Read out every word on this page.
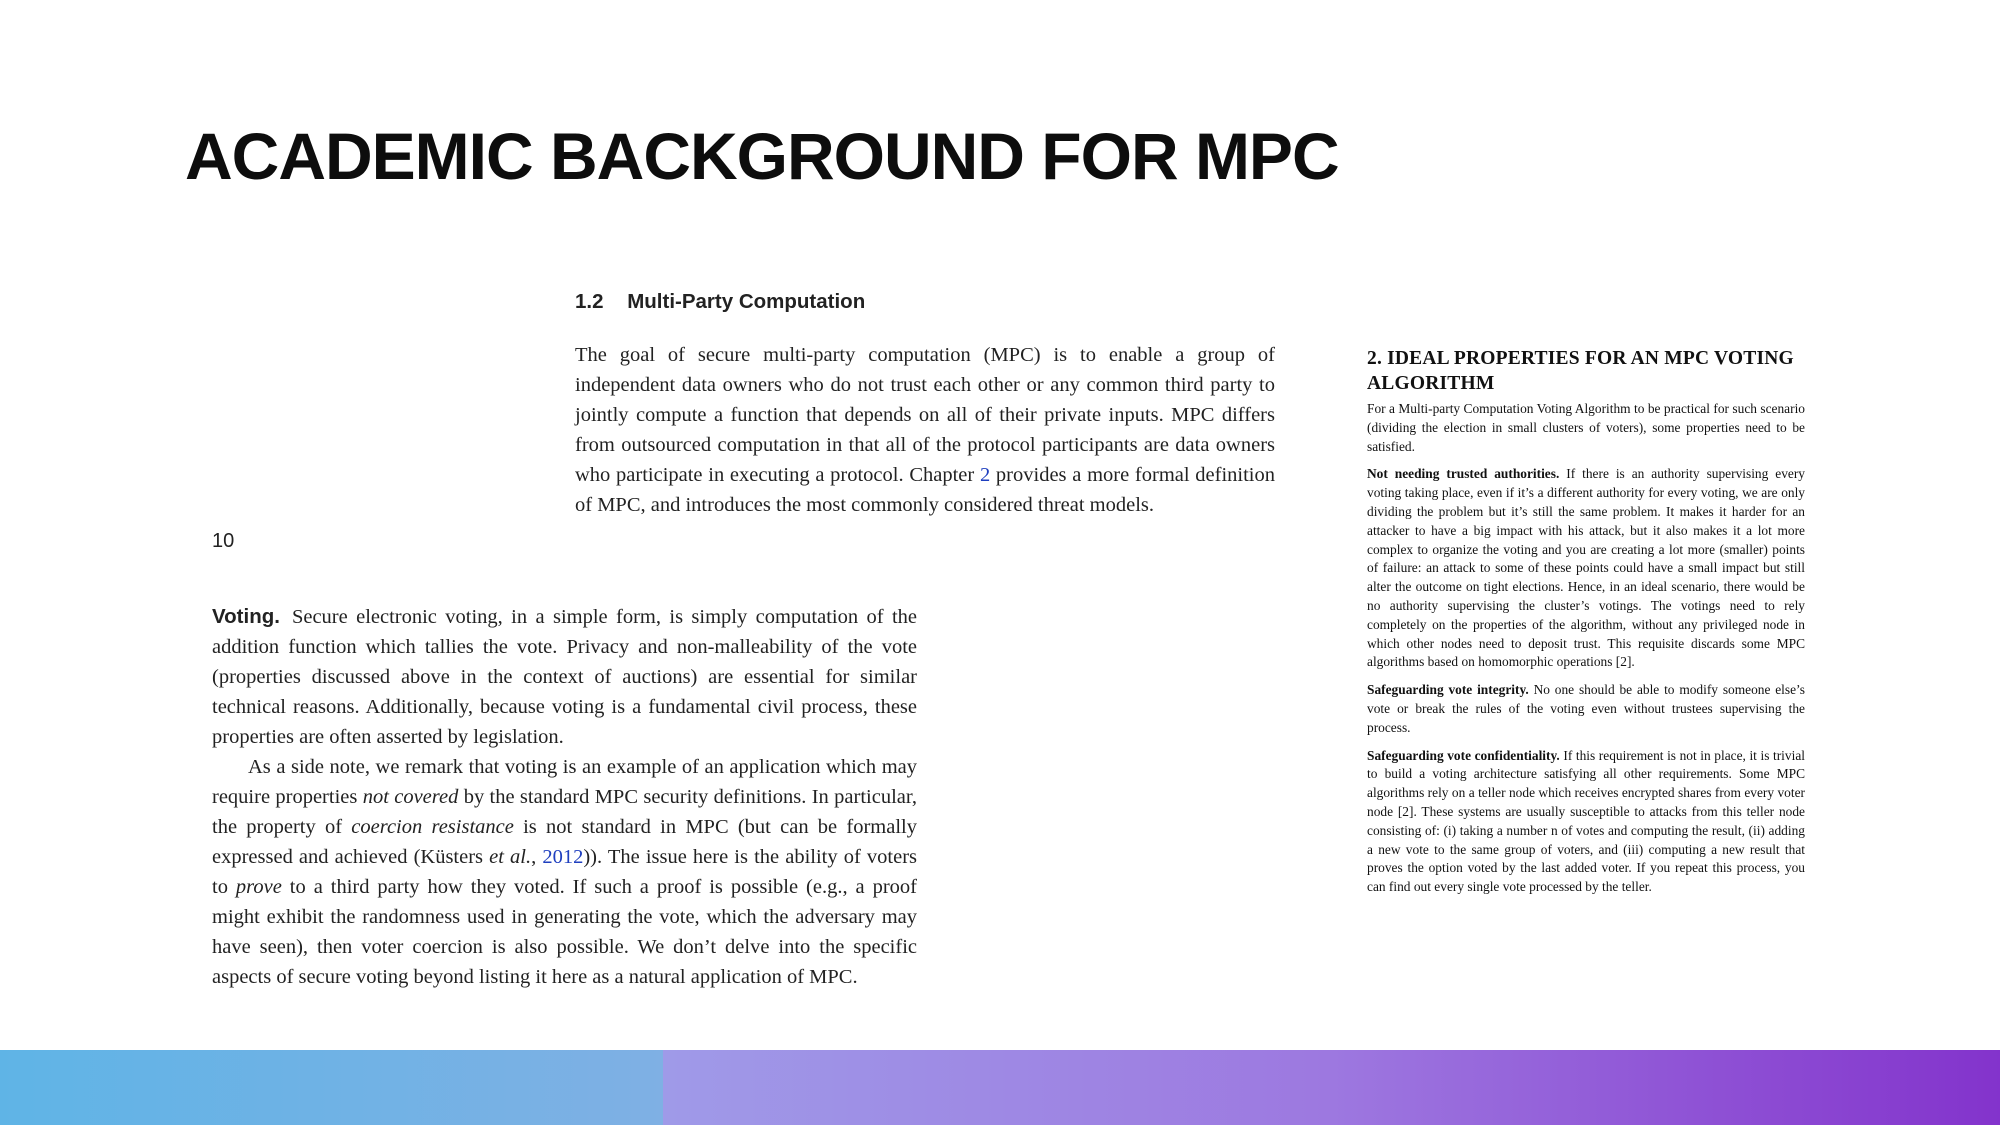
ACADEMIC BACKGROUND FOR MPC
1.2 Multi-Party Computation

The goal of secure multi-party computation (MPC) is to enable a group of independent data owners who do not trust each other or any common third party to jointly compute a function that depends on all of their private inputs. MPC differs from outsourced computation in that all of the protocol participants are data owners who participate in executing a protocol. Chapter 2 provides a more formal definition of MPC, and introduces the most commonly considered threat models.

10

Voting. Secure electronic voting, in a simple form, is simply computation of the addition function which tallies the vote. Privacy and non-malleability of the vote (properties discussed above in the context of auctions) are essential for similar technical reasons. Additionally, because voting is a fundamental civil process, these properties are often asserted by legislation.

As a side note, we remark that voting is an example of an application which may require properties not covered by the standard MPC security definitions. In particular, the property of coercion resistance is not standard in MPC (but can be formally expressed and achieved (Küsters et al., 2012)). The issue here is the ability of voters to prove to a third party how they voted. If such a proof is possible (e.g., a proof might exhibit the randomness used in generating the vote, which the adversary may have seen), then voter coercion is also possible. We don’t delve into the specific aspects of secure voting beyond listing it here as a natural application of MPC.

2. IDEAL PROPERTIES FOR AN MPC VOTING ALGORITHM

For a Multi-party Computation Voting Algorithm to be practical for such scenario (dividing the election in small clusters of voters), some properties need to be satisfied.

Not needing trusted authorities. If there is an authority supervising every voting taking place, even if it’s a different authority for every voting, we are only dividing the problem but it’s still the same problem. It makes it harder for an attacker to have a big impact with his attack, but it also makes it a lot more complex to organize the voting and you are creating a lot more (smaller) points of failure: an attack to some of these points could have a small impact but still alter the outcome on tight elections. Hence, in an ideal scenario, there would be no authority supervising the cluster’s votings. The votings need to rely completely on the properties of the algorithm, without any privileged node in which other nodes need to deposit trust. This requisite discards some MPC algorithms based on homomorphic operations [2].

Safeguarding vote integrity. No one should be able to modify someone else’s vote or break the rules of the voting even without trustees supervising the process.

Safeguarding vote confidentiality. If this requirement is not in place, it is trivial to build a voting architecture satisfying all other requirements. Some MPC algorithms rely on a teller node which receives encrypted shares from every voter node [2]. These systems are usually susceptible to attacks from this teller node consisting of: (i) taking a number n of votes and computing the result, (ii) adding a new vote to the same group of voters, and (iii) computing a new result that proves the option voted by the last added voter. If you repeat this process, you can find out every single vote processed by the teller.
